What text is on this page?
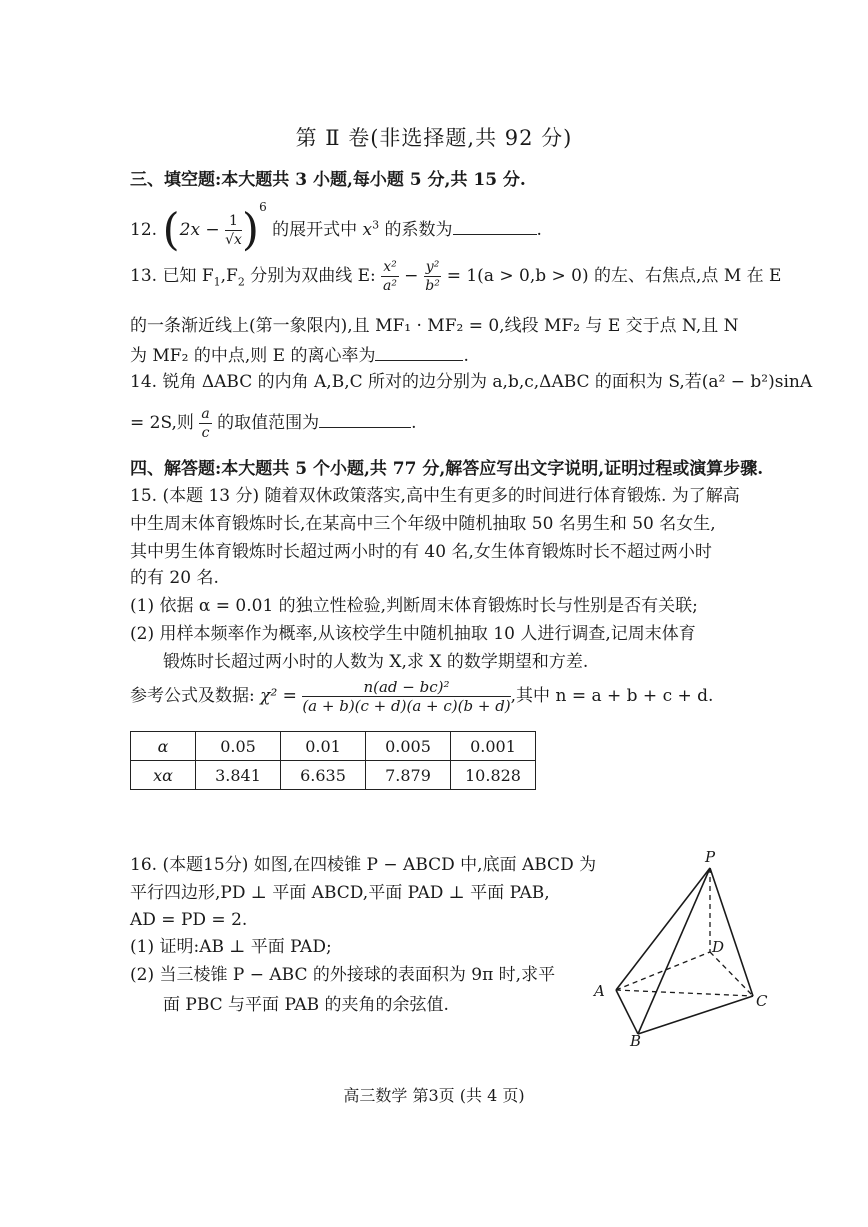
第 Ⅱ 卷(非选择题,共 92 分)
三、填空题:本大题共 3 小题,每小题 5 分,共 15 分.
12. $(2x - \frac{1}{√x} )^6$ 的展开式中 $x^3$ 的系数为	.
13. 已知 $F_1,F_2$ 分别为双曲线 E: $\frac{\text{x²}}{\text{a²}} - \frac{\text{y²}}{\text{b²}} = 1(a > 0,b > 0)$ 的左、右焦点,点 M 在 E
的一条渐近线上(第一象限内),且 MF₁ · MF₂ = 0,线段 MF₂ 与 E 交于点 N,且 N
为 MF₂ 的中点,则 E 的离心率为	.
14. 锐角 ΔABC 的内角 A,B,C 所对的边分别为 a,b,c,ΔABC 的面积为 S,若(a² − b²)sinA
= 2S,则 $\frac{a}{c}$ 的取值范围为	.
四、解答题:本大题共 5 个小题,共 77 分,解答应写出文字说明,证明过程或演算步骤.
15. (本题 13 分) 随着双休政策落实,高中生有更多的时间进行体育锻炼. 为了解高
中生周末体育锻炼时长,在某高中三个年级中随机抽取 50 名男生和 50 名女生,
其中男生体育锻炼时长超过两小时的有 40 名,女生体育锻炼时长不超过两小时
的有 20 名.
(1) 依据 α = 0.01 的独立性检验,判断周末体育锻炼时长与性别是否有关联;
(2) 用样本频率作为概率,从该校学生中随机抽取 10 人进行调查,记周末体育
锻炼时长超过两小时的人数为 X,求 X 的数学期望和方差.
参考公式及数据: $\chi^2 = \frac{\text{n(ad − bc)²}}{(a + b)(c + d)(a + c)(b + d)}$ ,其中 n = a + b + c + d.
α	0.05	0.01	0.005	0.001
xα	3.841	6.635	7.879	10.828
16. (本题15分) 如图,在四棱锥 P − ABCD 中,底面 ABCD 为
平行四边形,PD ⊥ 平面 ABCD,平面 PAD ⊥ 平面 PAB,
AD = PD = 2.
(1) 证明:AB ⊥ 平面 PAD;
(2) 当三棱锥 P − ABC 的外接球的表面积为 9π 时,求平
面 PBC 与平面 PAB 的夹角的余弦值.
P
A
B
C
D
高三数学 第3页 (共 4 页)
